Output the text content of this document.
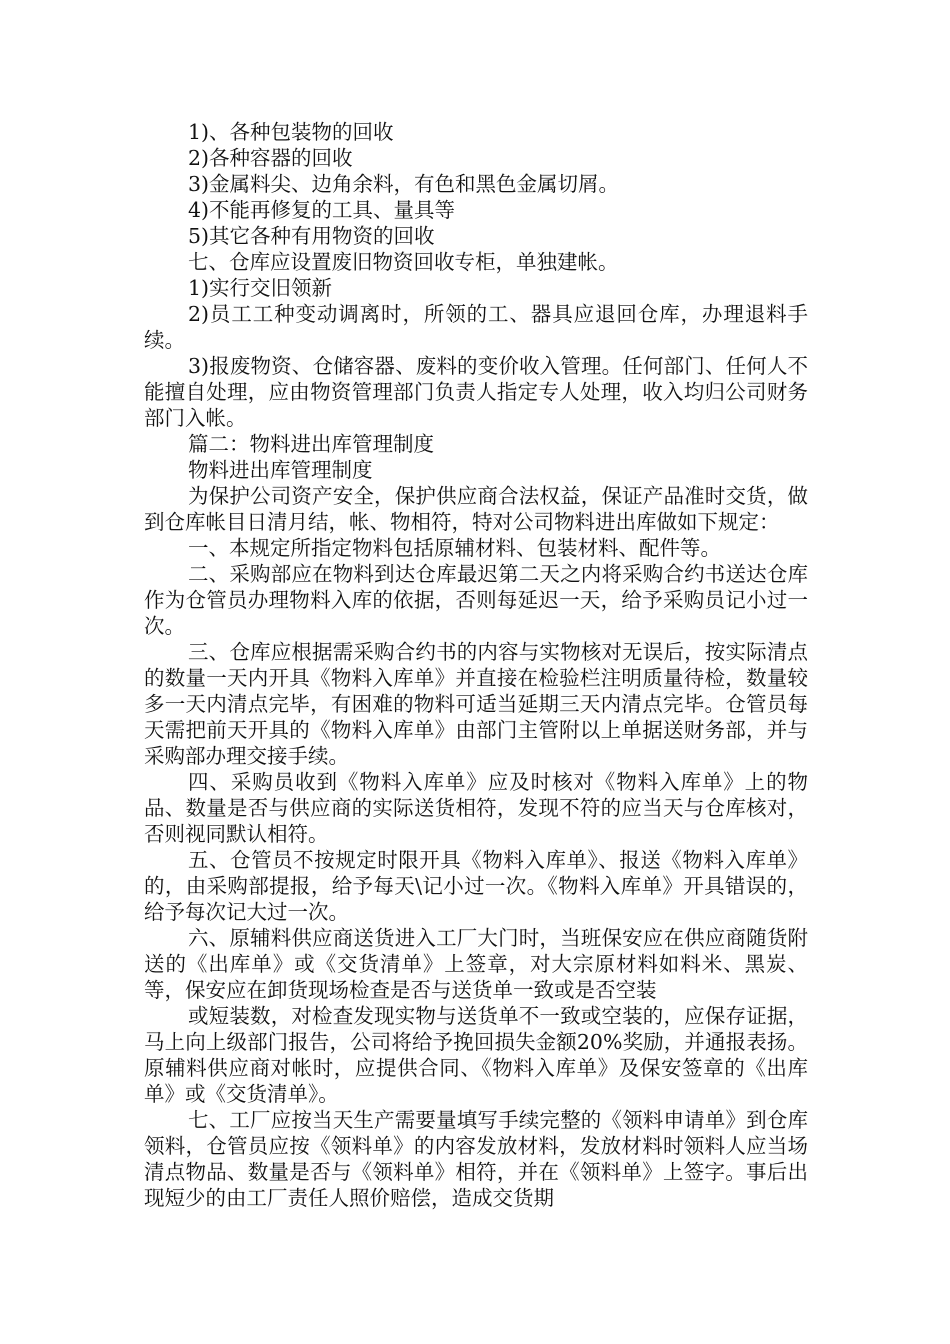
1)、各种包装物的回收

2)各种容器的回收

3)金属料尖、边角余料，有色和黑色金属切屑。

4)不能再修复的工具、量具等

5)其它各种有用物资的回收

七、仓库应设置废旧物资回收专柜，单独建帐。

1)实行交旧领新

2)员工工种变动调离时，所领的工、器具应退回仓库，办理退料手续。

3)报废物资、仓储容器、废料的变价收入管理。任何部门、任何人不能擅自处理，应由物资管理部门负责人指定专人处理，收入均归公司财务部门入帐。

篇二：物料进出库管理制度

物料进出库管理制度

为保护公司资产安全，保护供应商合法权益，保证产品准时交货，做到仓库帐目日清月结，帐、物相符，特对公司物料进出库做如下规定：

一、本规定所指定物料包括原辅材料、包装材料、配件等。

二、采购部应在物料到达仓库最迟第二天之内将采购合约书送达仓库作为仓管员办理物料入库的依据，否则每延迟一天，给予采购员记小过一次。

三、仓库应根据需采购合约书的内容与实物核对无误后，按实际清点的数量一天内开具《物料入库单》并直接在检验栏注明质量待检，数量较多一天内清点完毕，有困难的物料可适当延期三天内清点完毕。仓管员每天需把前天开具的《物料入库单》由部门主管附以上单据送财务部，并与采购部办理交接手续。

四、采购员收到《物料入库单》应及时核对《物料入库单》上的物品、数量是否与供应商的实际送货相符，发现不符的应当天与仓库核对，否则视同默认相符。

五、仓管员不按规定时限开具《物料入库单》、报送《物料入库单》的，由采购部提报，给予每天\记小过一次。《物料入库单》开具错误的，给予每次记大过一次。

六、原辅料供应商送货进入工厂大门时，当班保安应在供应商随货附送的《出库单》或《交货清单》上签章，对大宗原材料如料米、黑炭、等，保安应在卸货现场检查是否与送货单一致或是否空装

或短装数，对检查发现实物与送货单不一致或空装的，应保存证据，马上向上级部门报告，公司将给予挽回损失金额20%奖励，并通报表扬。原辅料供应商对帐时，应提供合同、《物料入库单》及保安签章的《出库单》或《交货清单》。

七、工厂应按当天生产需要量填写手续完整的《领料申请单》到仓库领料，仓管员应按《领料单》的内容发放材料，发放材料时领料人应当场清点物品、数量是否与《领料单》相符，并在《领料单》上签字。事后出现短少的由工厂责任人照价赔偿，造成交货期
